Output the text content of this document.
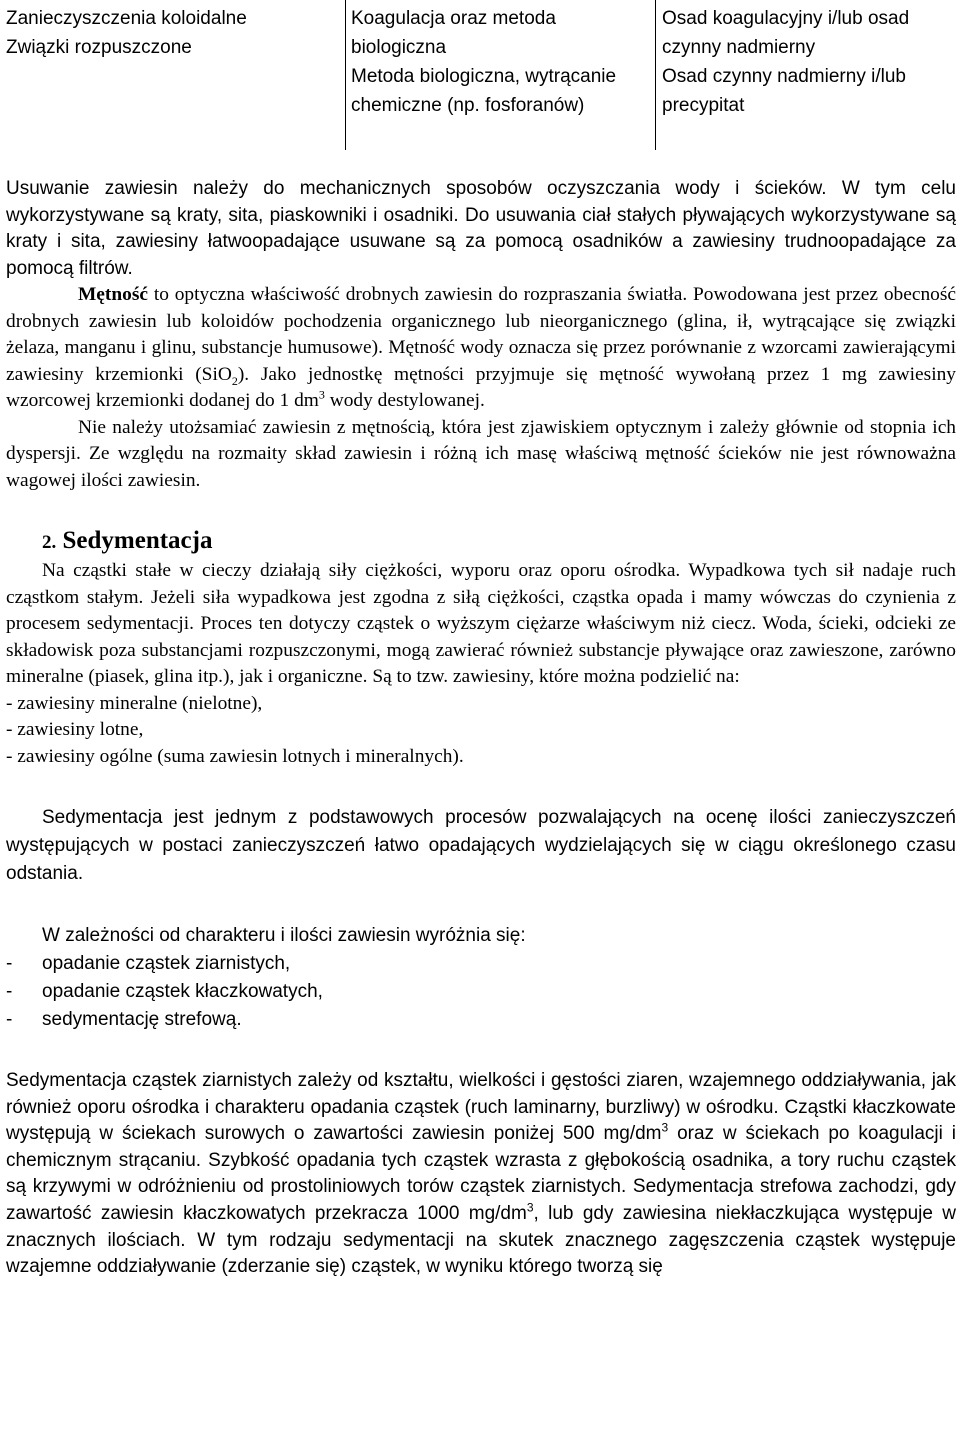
Zanieczyszczenia koloidalne

Związki rozpuszczone

Koagulacja oraz metoda biologiczna

Metoda biologiczna, wytrącanie chemiczne (np. fosforanów)

Osad koagulacyjny i/lub osad czynny nadmierny

Osad czynny nadmierny i/lub precypitat

Usuwanie zawiesin należy do mechanicznych sposobów oczyszczania wody i ścieków. W tym celu wykorzystywane są kraty, sita, piaskowniki i osadniki. Do usuwania ciał stałych pływających wykorzystywane są kraty i sita, zawiesiny łatwoopadające usuwane są za pomocą osadników a zawiesiny trudnoopadające za pomocą filtrów.

Mętność to optyczna właściwość drobnych zawiesin do rozpraszania światła. Powodowana jest przez obecność drobnych zawiesin lub koloidów pochodzenia organicznego lub nieorganicznego (glina, ił, wytrącające się związki żelaza, manganu i glinu, substancje humusowe). Mętność wody oznacza się przez porównanie z wzorcami zawierającymi zawiesiny krzemionki (SiO$_2$). Jako jednostkę mętności przyjmuje się mętność wywołaną przez 1 mg zawiesiny wzorcowej krzemionki dodanej do 1 $dm^3$ wody destylowanej.

Nie należy utożsamiać zawiesin z mętnością, która jest zjawiskiem optycznym i zależy głównie od stopnia ich dyspersji. Ze względu na rozmaity skład zawiesin i różną ich masę właściwą mętność ścieków nie jest równoważna wagowej ilości zawiesin.

2. Sedymentacja

Na cząstki stałe w cieczy działają siły ciężkości, wyporu oraz oporu ośrodka. Wypadkowa tych sił nadaje ruch cząstkom stałym. Jeżeli siła wypadkowa jest zgodna z siłą ciężkości, cząstka opada i mamy wówczas do czynienia z procesem sedymentacji. Proces ten dotyczy cząstek o wyższym ciężarze właściwym niż ciecz. Woda, ścieki, odcieki ze składowisk poza substancjami rozpuszczonymi, mogą zawierać również substancje pływające oraz zawieszone, zarówno mineralne (piasek, glina itp.), jak i organiczne. Są to tzw. zawiesiny, które można podzielić na:

- zawiesiny mineralne (nielotne),
- zawiesiny lotne,
- zawiesiny ogólne (suma zawiesin lotnych i mineralnych).

Sedymentacja jest jednym z podstawowych procesów pozwalających na ocenę ilości zanieczyszczeń występujących w postaci zanieczyszczeń łatwo opadających wydzielających się w ciągu określonego czasu odstania.

W zależności od charakteru i ilości zawiesin wyróżnia się:

- opadanie cząstek ziarnistych,
- opadanie cząstek kłaczkowatych,
- sedymentację strefową.

Sedymentacja cząstek ziarnistych zależy od kształtu, wielkości i gęstości ziaren, wzajemnego oddziaływania, jak również oporu ośrodka i charakteru opadania cząstek (ruch laminarny, burzliwy) w ośrodku. Cząstki kłaczkowate występują w ściekach surowych o zawartości zawiesin poniżej 500 $mg/dm^3$ oraz w ściekach po koagulacji i chemicznym strącaniu. Szybkość opadania tych cząstek wzrasta z głębokością osadnika, a tory ruchu cząstek są krzywymi w odróżnieniu od prostoliniowych torów cząstek ziarnistych. Sedymentacja strefowa zachodzi, gdy zawartość zawiesin kłaczkowatych przekracza 1000 $mg/dm^3$, lub gdy zawiesina niekłaczkująca występuje w znacznych ilościach. W tym rodzaju sedymentacji na skutek znacznego zagęszczenia cząstek występuje wzajemne oddziaływanie (zderzanie się) cząstek, w wyniku którego tworzą się
